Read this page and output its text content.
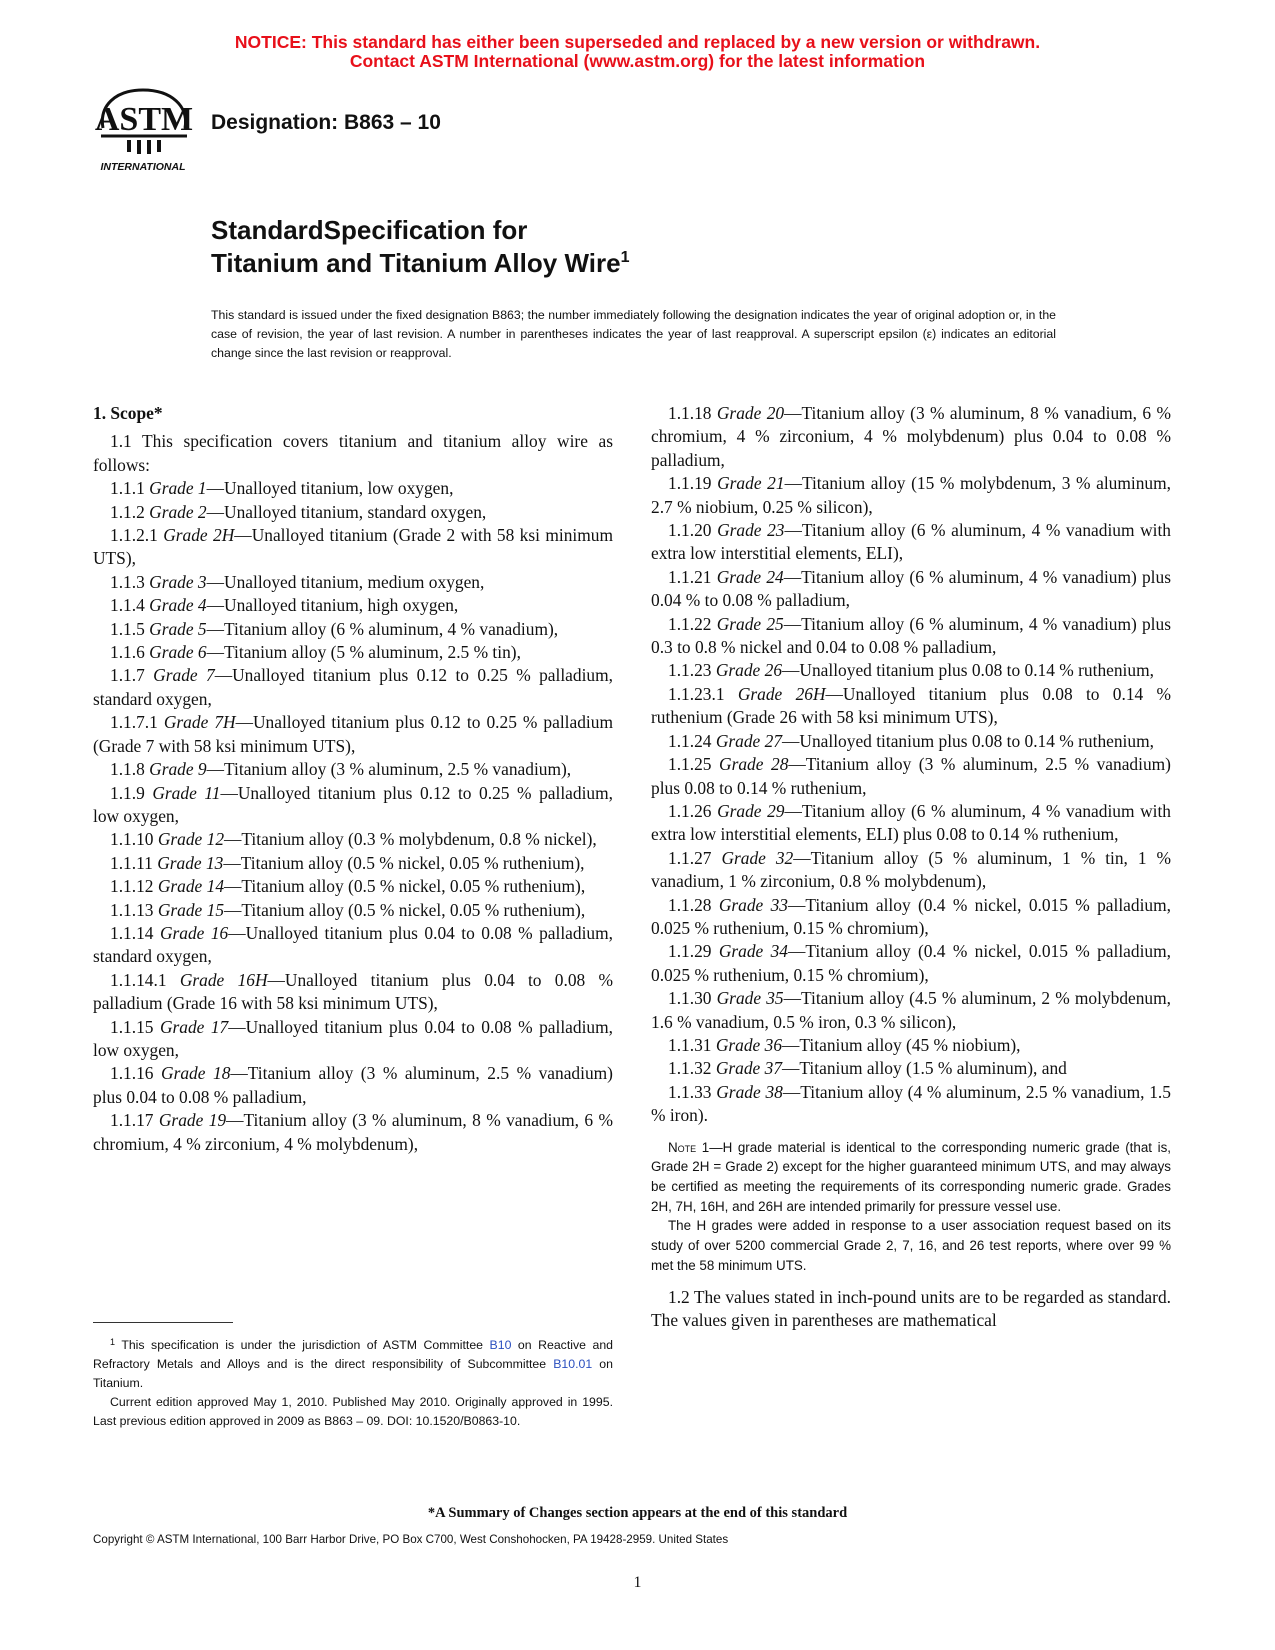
NOTICE: This standard has either been superseded and replaced by a new version or withdrawn.
Contact ASTM International (www.astm.org) for the latest information
ASTM
INTERNATIONAL
Designation: B863 – 10
StandardSpecification for
Titanium and Titanium Alloy Wire$^1$
This standard is issued under the fixed designation B863; the number immediately following the designation indicates the year of original adoption or, in the case of revision, the year of last revision. A number in parentheses indicates the year of last reapproval. A superscript epsilon (ε) indicates an editorial change since the last revision or reapproval.

1. Scope*

1.1 This specification covers titanium and titanium alloy wire as follows:

1.1.1 Grade 1—Unalloyed titanium, low oxygen,

1.1.2 Grade 2—Unalloyed titanium, standard oxygen,

1.1.2.1 Grade 2H—Unalloyed titanium (Grade 2 with 58 ksi minimum UTS),

1.1.3 Grade 3—Unalloyed titanium, medium oxygen,

1.1.4 Grade 4—Unalloyed titanium, high oxygen,

1.1.5 Grade 5—Titanium alloy (6 % aluminum, 4 % vanadium),

1.1.6 Grade 6—Titanium alloy (5 % aluminum, 2.5 % tin),

1.1.7 Grade 7—Unalloyed titanium plus 0.12 to 0.25 % palladium, standard oxygen,

1.1.7.1 Grade 7H—Unalloyed titanium plus 0.12 to 0.25 % palladium (Grade 7 with 58 ksi minimum UTS),

1.1.8 Grade 9—Titanium alloy (3 % aluminum, 2.5 % vanadium),

1.1.9 Grade 11—Unalloyed titanium plus 0.12 to 0.25 % palladium, low oxygen,

1.1.10 Grade 12—Titanium alloy (0.3 % molybdenum, 0.8 % nickel),

1.1.11 Grade 13—Titanium alloy (0.5 % nickel, 0.05 % ruthenium),

1.1.12 Grade 14—Titanium alloy (0.5 % nickel, 0.05 % ruthenium),

1.1.13 Grade 15—Titanium alloy (0.5 % nickel, 0.05 % ruthenium),

1.1.14 Grade 16—Unalloyed titanium plus 0.04 to 0.08 % palladium, standard oxygen,

1.1.14.1 Grade 16H—Unalloyed titanium plus 0.04 to 0.08 % palladium (Grade 16 with 58 ksi minimum UTS),

1.1.15 Grade 17—Unalloyed titanium plus 0.04 to 0.08 % palladium, low oxygen,

1.1.16 Grade 18—Titanium alloy (3 % aluminum, 2.5 % vanadium) plus 0.04 to 0.08 % palladium,

1.1.17 Grade 19—Titanium alloy (3 % aluminum, 8 % vanadium, 6 % chromium, 4 % zirconium, 4 % molybdenum),

1.1.18 Grade 20—Titanium alloy (3 % aluminum, 8 % vanadium, 6 % chromium, 4 % zirconium, 4 % molybdenum) plus 0.04 to 0.08 % palladium,

1.1.19 Grade 21—Titanium alloy (15 % molybdenum, 3 % aluminum, 2.7 % niobium, 0.25 % silicon),

1.1.20 Grade 23—Titanium alloy (6 % aluminum, 4 % vanadium with extra low interstitial elements, ELI),

1.1.21 Grade 24—Titanium alloy (6 % aluminum, 4 % vanadium) plus 0.04 % to 0.08 % palladium,

1.1.22 Grade 25—Titanium alloy (6 % aluminum, 4 % vanadium) plus 0.3 to 0.8 % nickel and 0.04 to 0.08 % palladium,

1.1.23 Grade 26—Unalloyed titanium plus 0.08 to 0.14 % ruthenium,

1.1.23.1 Grade 26H—Unalloyed titanium plus 0.08 to 0.14 % ruthenium (Grade 26 with 58 ksi minimum UTS),

1.1.24 Grade 27—Unalloyed titanium plus 0.08 to 0.14 % ruthenium,

1.1.25 Grade 28—Titanium alloy (3 % aluminum, 2.5 % vanadium) plus 0.08 to 0.14 % ruthenium,

1.1.26 Grade 29—Titanium alloy (6 % aluminum, 4 % vanadium with extra low interstitial elements, ELI) plus 0.08 to 0.14 % ruthenium,

1.1.27 Grade 32—Titanium alloy (5 % aluminum, 1 % tin, 1 % vanadium, 1 % zirconium, 0.8 % molybdenum),

1.1.28 Grade 33—Titanium alloy (0.4 % nickel, 0.015 % palladium, 0.025 % ruthenium, 0.15 % chromium),

1.1.29 Grade 34—Titanium alloy (0.4 % nickel, 0.015 % palladium, 0.025 % ruthenium, 0.15 % chromium),

1.1.30 Grade 35—Titanium alloy (4.5 % aluminum, 2 % molybdenum, 1.6 % vanadium, 0.5 % iron, 0.3 % silicon),

1.1.31 Grade 36—Titanium alloy (45 % niobium),

1.1.32 Grade 37—Titanium alloy (1.5 % aluminum), and

1.1.33 Grade 38—Titanium alloy (4 % aluminum, 2.5 % vanadium, 1.5 % iron).

Note 1—H grade material is identical to the corresponding numeric grade (that is, Grade 2H = Grade 2) except for the higher guaranteed minimum UTS, and may always be certified as meeting the requirements of its corresponding numeric grade. Grades 2H, 7H, 16H, and 26H are intended primarily for pressure vessel use.

The H grades were added in response to a user association request based on its study of over 5200 commercial Grade 2, 7, 16, and 26 test reports, where over 99 % met the 58 minimum UTS.

1.2 The values stated in inch-pound units are to be regarded as standard. The values given in parentheses are mathematical

$^1$ This specification is under the jurisdiction of ASTM Committee B10 on Reactive and Refractory Metals and Alloys and is the direct responsibility of Subcommittee B10.01 on Titanium.

Current edition approved May 1, 2010. Published May 2010. Originally approved in 1995. Last previous edition approved in 2009 as B863 – 09. DOI: 10.1520/B0863-10.

*A Summary of Changes section appears at the end of this standard
Copyright © ASTM International, 100 Barr Harbor Drive, PO Box C700, West Conshohocken, PA 19428-2959. United States
1
